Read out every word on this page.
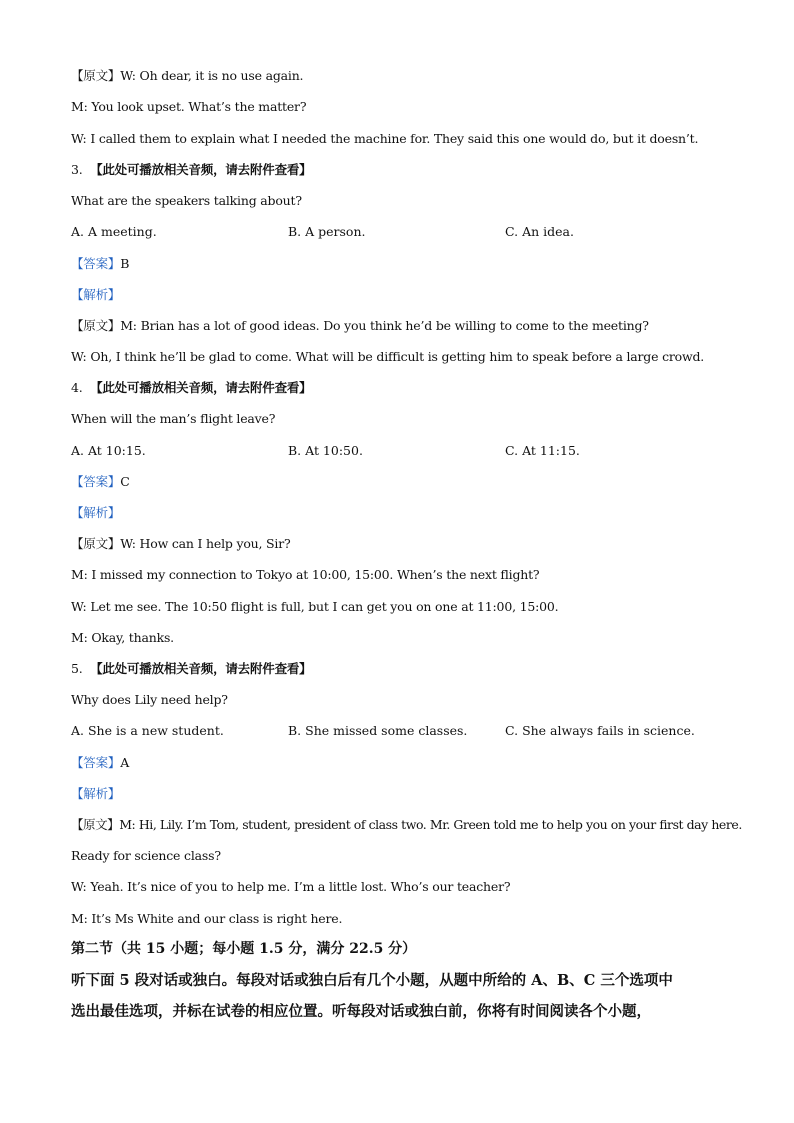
【原文】W: Oh dear, it is no use again.
M: You look upset. What’s the matter?
W: I called them to explain what I needed the machine for. They said this one would do, but it doesn’t.
3. 【此处可播放相关音频，请去附件查看】
What are the speakers talking about?
A. A meeting.	B. A person.	C. An idea.
【答案】B
【解析】
【原文】M: Brian has a lot of good ideas. Do you think he’d be willing to come to the meeting?
W: Oh, I think he’ll be glad to come. What will be difficult is getting him to speak before a large crowd.
4. 【此处可播放相关音频，请去附件查看】
When will the man’s flight leave?
A. At 10:15.	B. At 10:50.	C. At 11:15.
【答案】C
【解析】
【原文】W: How can I help you, Sir?
M: I missed my connection to Tokyo at 10:00, 15:00. When’s the next flight?
W: Let me see. The 10:50 flight is full, but I can get you on one at 11:00, 15:00.
M: Okay, thanks.
5. 【此处可播放相关音频，请去附件查看】
Why does Lily need help?
A. She is a new student.	B. She missed some classes.	C. She always fails in science.
【答案】A
【解析】
【原文】M: Hi, Lily. I’m Tom, student, president of class two. Mr. Green told me to help you on your first day here.
Ready for science class?
W: Yeah. It’s nice of you to help me. I’m a little lost. Who’s our teacher?
M: It’s Ms White and our class is right here.
第二节（共 15 小题；每小题 1.5 分，满分 22.5 分）
听下面 5 段对话或独白。每段对话或独白后有几个小题，从题中所给的 A、B、C 三个选项中
选出最佳选项，并标在试卷的相应位置。听每段对话或独白前，你将有时间阅读各个小题，
